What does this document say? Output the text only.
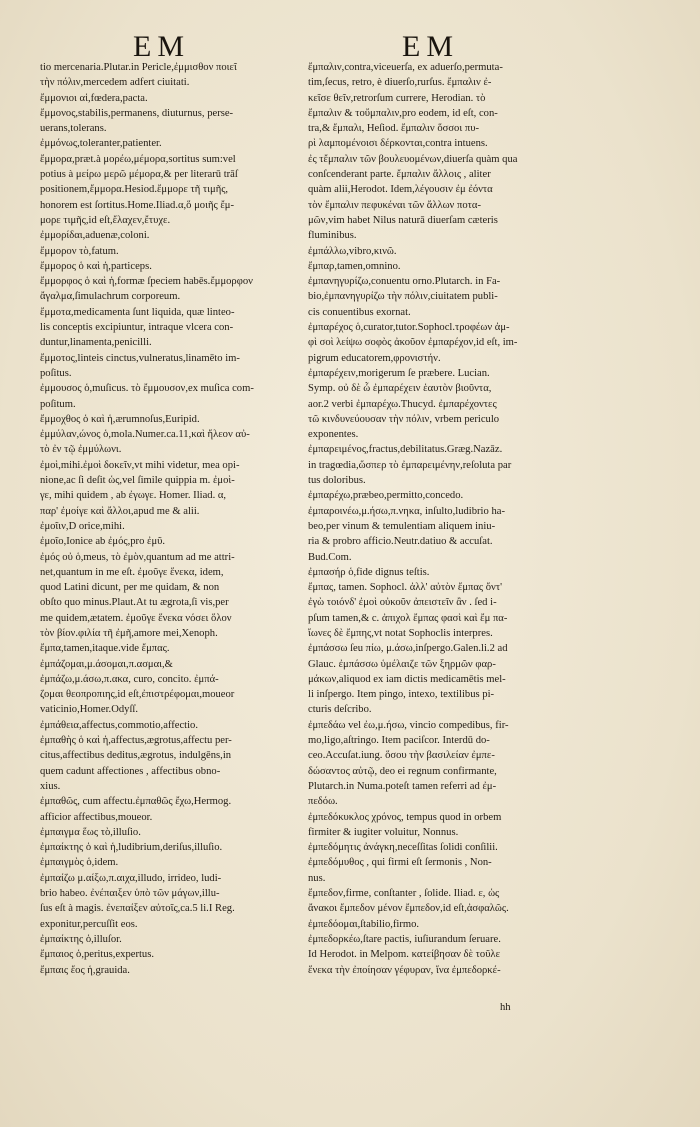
EM	EM
tio mercenaria.Plutar.in Pericle,ἐμμισθον ποιεῖ
τὴν πόλιν,mercedem adfert ciuitati.
ἔμμονιοι αἱ,fœdera,pacta.
ἔμμονος,stabilis,permanens, diuturnus, perse-
uerans,tolerans.
ἐμμόνως,toleranter,patienter.
ἔμμορα,præt.à μορέω,μέμορα,sortitus sum:vel
potius à μείρω μερῶ μέμορα,& per literarū trāſ
positionem,ἔμμορα.Hesiod.ἔμμορε τῆ τιμῆς,
honorem est ſortitus.Home.Iliad.α,ὅ μοιῆς ἔμ-
μορε τιμῆς,id eſt,ἔλαχεν,ἔτυχε.
ἐμμορίδαι,aduenæ,coloni.
ἔμμορον τὸ,fatum.
ἔμμορος ὁ καὶ ἡ,particeps.
ἔμμορφος ὁ καὶ ἡ,formæ ſpeciem habēs.ἔμμορφον
ἄγαλμα,ſimulachrum corporeum.
ἔμμοτα,medicamenta ſunt liquida, quæ linteo-
lis conceptis excipiuntur, intraque vlcera con-
duntur,linamenta,penicilli.
ἔμμοτος,linteis cinctus,vulneratus,linamēto im-
poſitus.
ἐμμουσος ὁ,muſicus. τὸ ἔμμουσον,ex muſica com-
poſitum.
ἔμμοχθος ὁ καὶ ἡ,ærumnoſus,Euripid.
ἐμμύλαν,ώνος ὁ,mola.Numer.ca.11,καὶ ἤλεον αὐ-
τὸ ἐν τῷ ἐμμύλωνι.
ἐμοὶ,mihi.ἐμοὶ δοκεῖν,vt mihi videtur, mea opi-
nione,ac ſi deſit ὡς,vel ſimile quippia m. ἐμοὶ-
γε, mihi quidem , ab ἐγωγε. Homer. Iliad. α,
παρ' ἐμοίγε καὶ ἄλλοι,apud me & alii.
ἐμοῖιν,D orice,mihi.
ἐμοῖο,Ionice ab ἐμός,pro ἐμῦ.
ἐμός οὐ ὁ,meus, τὸ ἐμὸν,quantum ad me attri-
net,quantum in me eſt. ἐμοῦγε ἕνεκα, idem,
quod Latini dicunt, per me quidam, & non
obſto quo minus.Plaut.At tu ægrota,ſi vis,per
me quidem,ætatem. ἐμοῦγε ἕνεκα νόσει ὅλον
τὸν βίον.φιλία τῆ ἐμῆ,amore mei,Xenoph.
ἔμπα,tamen,itaque.vide ἔμπας.
ἐμπάζομαι,μ.άσομαι,π.ασμαι,&
ἐμπάζω,μ.άσω,π.ακα, curo, concito. ἐμπά-
ζομαι θεοπροπιης,id eſt,ἐπιστρέφομαι,moueor
vaticinio,Homer.Odyſſ.
ἐμπάθεια,affectus,commotio,affectio.
ἐμπαθὴς ὁ καὶ ἡ,affectus,ægrotus,affectu per-
citus,affectibus deditus,ægrotus, indulgēns,in
quem cadunt affectiones , affectibus obno-
xius.
ἐμπαθῶς, cum affectu.ἐμπαθῶς ἔχω,Hermog.
afficior affectibus,moueor.
ἐμπαιγμα ἕως τὸ,illuſio.
ἐμπαίκτης ὁ καὶ ἡ,ludibrium,deriſus,illuſio.
ἐμπαιγμὸς ὁ,idem.
ἐμπαίζω μ.αίξω,π.αιχα,illudo, irrideo, ludi-
brio habeo. ἐνέπαιξεν ὑπὸ τῶν μάγων,illu-
ſus eſt à magis. ἐνεπαίξεν αὐτοῖς,ca.5 li.I Reg.
exponitur,percuſſit eos.
ἐμπαίκτης ὁ,illuſor.
ἔμπαιος ὁ,peritus,expertus.
ἔμπαις ἕος ἡ,grauida.
ἔμπαλιν,contra,viceuerſa, ex aduerſo,permuta-
tim,ſecus, retro, è diuerſo,rurſus. ἔμπαλιν ἐ-
κεῖσε θεῖν,retrorſum currere, Herodian. τὸ
ἔμπαλιν & τοὔμπαλιν,pro eodem, id eſt, con-
tra,& ἔμπαλι, Heſiod. ἔμπαλιν ὅσσοι πυ-
ρὶ λαμπομένοισι δέρκονται,contra intuens.
ἐς τἔμπαλιν τῶν βουλευομένων,diuerſa quàm qua
conſcenderant parte. ἔμπαλιν ἄλλοις , aliter
quàm alii,Herodot. Idem,λέγουσιν ἐμ ἐόντα
τὸν ἔμπαλιν πεφυκέναι τῶν ἄλλων ποτα-
μῶν,vim habet Nilus naturā diuerſam cæteris
fluminibus.
ἐμπάλλω,vibro,κινῶ.
ἔμπαρ,tamen,omnino.
ἐμπανηγυρίζω,conuentu orno.Plutarch. in Fa-
bio,ἐμπανηγυρίζω τὴν πόλιν,ciuitatem publi-
cis conuentibus exornat.
ἐμπαρέχος ὁ,curator,tutor.Sophocl.τροφέων ἀμ-
φὶ σοὶ λείψω σοφὸς ἀκοῦον ἐμπαρέχον,id eſt, im-
pigrum educatorem,φρονιστήν.
ἐμπαρέχειν,morigerum ſe præbere. Lucian.
Symp. οὐ δὲ ὦ ἐμπαρέχειν ἑαυτὸν βιοῦντα,
aor.2 verbi ἐμπαρέχω.Thucyd. ἐμπαρέχοντες
τῶ κινδυνεύουσαν τὴν πόλιν, vrbem periculo
exponentes.
ἐμπαρειμένος,fractus,debilitatus.Græg.Nazāz.
in tragœdia,ὥσπερ τὸ ἐμπαρειμένην,reſoluta par
tus doloribus.
ἐμπαρέχω,præbeo,permitto,concedo.
ἐμπαροινέω,μ.ήσω,π.νηκα, inſulto,ludibrio ha-
beo,per vinum & temulentiam aliquem iniu-
ria & probro afficio.Neutr.datiuo & accuſat.
Bud.Com.
ἐμπασήρ ὁ,fide dignus teſtis.
ἔμπας, tamen. Sophocl. ἀλλ' αὐτὸν ἔμπας ὄντ'
ἐγὼ τοιόνδ' ἐμοὶ οὐκοῦν ἀπειστεῖν ἂν . ſed i-
pſum tamen,& c. ἀπιχολ ἔμπας φασὶ καὶ ἔμ πα-
ἴωνες δὲ ἔμπης,vt notat Sophoclis interpres.
ἐμπάσσω ſeu πίω, μ.άσω,inſpergo.Galen.li.2 ad
Glauc. ἐμπάσσω ὑμέλαιζε τῶν ξηρμῶν φαρ-
μάκων,aliquod ex iam dictis medicamētis mel-
li inſpergo. Item pingo, intexo, textilibus pi-
cturis deſcribo.
ἐμπεδάω vel ἐω,μ.ήσω, vincio compedibus, fir-
mo,ligo,aſtringo. Item paciſcor. Interdū do-
ceo.Accuſat.iung. ὅσου τὴν βασιλείαν ἐμπε-
δώσαντος αὐτῷ, deo ei regnum confirmante,
Plutarch.in Numa.poteſt tamen referri ad ἐμ-
πεδόω.
ἐμπεδόκυκλος χρόνος, tempus quod in orbem
firmiter & iugiter voluitur, Nonnus.
ἐμπεδόμητις ἀνάγκη,neceſſitas ſolidi conſilii.
ἐμπεδόμυθος , qui firmi eſt ſermonis , Non-
nus.
ἔμπεδον,firme, conſtanter , ſolide. Iliad. ε, ὡς
ἄνακοι ἔμπεδον μένον ἔμπεδον,id eſt,ἀσφαλῶς.
ἐμπεδόομαι,ſtabilio,firmo.
ἐμπεδορκέω,ſtare pactis, iuſiurandum ſeruare.
Id Herodot. in Melpom. κατείβησαν δὲ τοῦλε
ἕνεκα τὴν ἐποίησαν γέφυραν, ἵνα ἐμπεδορκέ-
hh
